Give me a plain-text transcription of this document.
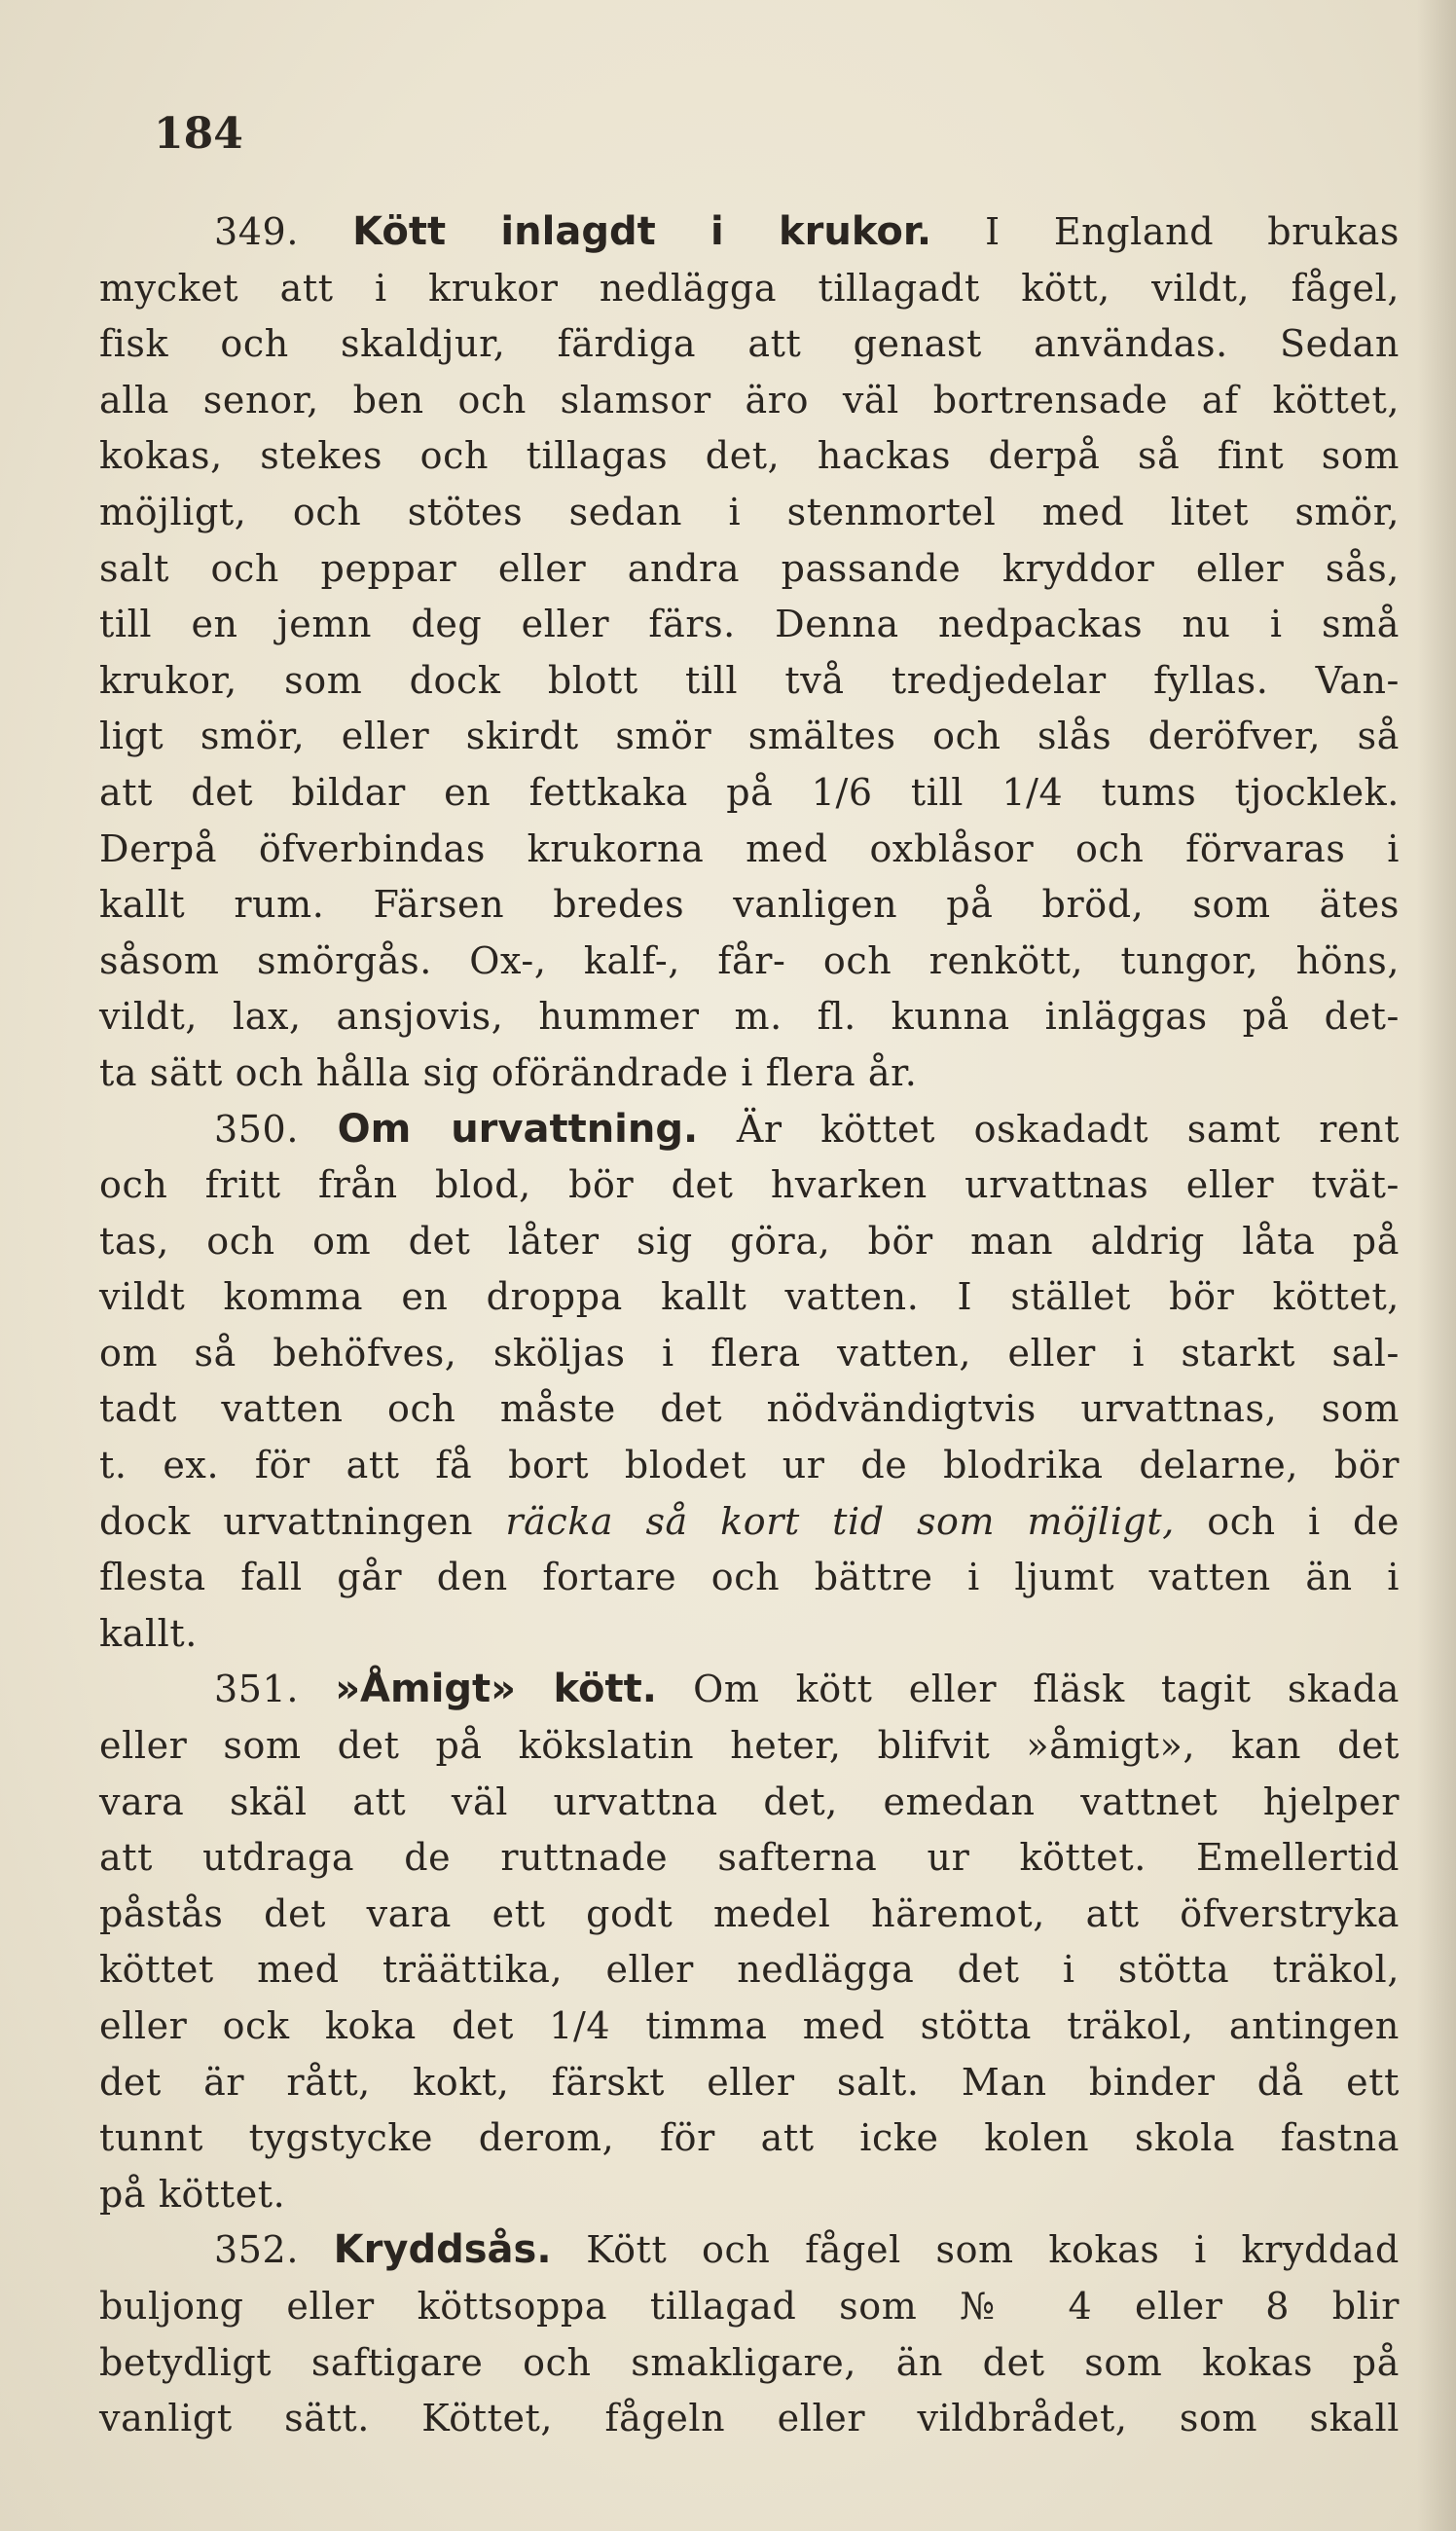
184
349. Kött inlagdt i krukor. I England brukas
mycket att i krukor nedlägga tillagadt kött, vildt, fågel,
fisk och skaldjur, färdiga att genast användas. Sedan
alla senor, ben och slamsor äro väl bortrensade af köttet,
kokas, stekes och tillagas det, hackas derpå så fint som
möjligt, och stötes sedan i stenmortel med litet smör,
salt och peppar eller andra passande kryddor eller sås,
till en jemn deg eller färs. Denna nedpackas nu i små
krukor, som dock blott till två tredjedelar fyllas. Van-
ligt smör, eller skirdt smör smältes och slås deröfver, så
att det bildar en fettkaka på 1/6 till 1/4 tums tjocklek.
Derpå öfverbindas krukorna med oxblåsor och förvaras i
kallt rum. Färsen bredes vanligen på bröd, som ätes
såsom smörgås. Ox-, kalf-, får- och renkött, tungor, höns,
vildt, lax, ansjovis, hummer m. fl. kunna inläggas på det-
ta sätt och hålla sig oförändrade i flera år.
350. Om urvattning. Är köttet oskadadt samt rent
och fritt från blod, bör det hvarken urvattnas eller tvät-
tas, och om det låter sig göra, bör man aldrig låta på
vildt komma en droppa kallt vatten. I stället bör köttet,
om så behöfves, sköljas i flera vatten, eller i starkt sal-
tadt vatten och måste det nödvändigtvis urvattnas, som
t. ex. för att få bort blodet ur de blodrika delarne, bör
dock urvattningen räcka så kort tid som möjligt, och i de
flesta fall går den fortare och bättre i ljumt vatten än i
kallt.
351. »Åmigt» kött. Om kött eller fläsk tagit skada
eller som det på kökslatin heter, blifvit »åmigt», kan det
vara skäl att väl urvattna det, emedan vattnet hjelper
att utdraga de ruttnade safterna ur köttet. Emellertid
påstås det vara ett godt medel häremot, att öfverstryka
köttet med träättika, eller nedlägga det i stötta träkol,
eller ock koka det 1/4 timma med stötta träkol, antingen
det är rått, kokt, färskt eller salt. Man binder då ett
tunnt tygstycke derom, för att icke kolen skola fastna
på köttet.
352. Kryddsås. Kött och fågel som kokas i kryddad
buljong eller köttsoppa tillagad som № 4 eller 8 blir
betydligt saftigare och smakligare, än det som kokas på
vanligt sätt. Köttet, fågeln eller vildbrådet, som skall
